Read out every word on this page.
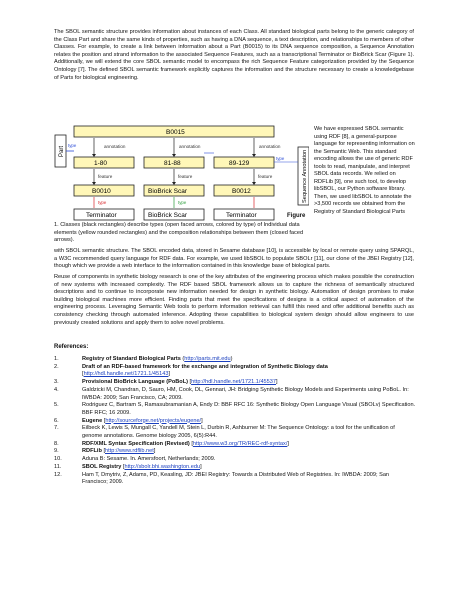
The SBOL semantic structure provides information about instances of each Class. All standard biological parts belong to the generic category of the Class Part and share the same kinds of properties, such as having a DNA sequence, a text description, and relationships to members of other Classes. For example, to create a link between information about a Part (B0015) to its DNA sequence composition, a Sequence Annotation relates the position and strand information to the associated Sequence Features, such as a transcriptional Terminator or BioBrick Scar (Figure 1). Additionally, we will extend the core SBOL semantic model to encompass the rich Sequence Feature categorization provided by the Sequence Ontology [7]. The defined SBOL semantic framework explicitly captures the information and the structure necessary to create a knowledgebase of Parts for biological engineering.

Part	Sequence Annotation
B0015
annotation	annotation	annotation
1-80	81-88	89-129
type
type
feature	feature	feature
B0010	BioBrick Scar	B0012
type	type
Terminator	BioBrick Scar	Terminator	Figure

1. Classes (black rectangles) describe types (open faced arrows, colored by type) of Individual data elements (yellow rounded rectangles) and the composition relationships between them (closed faced arrows).

We have expressed SBOL semantic using RDF [8], a general-purpose language for representing information on the Semantic Web. This standard encoding allows the use of generic RDF tools to read, manipulate, and interpret SBOL data records. We relied on RDFLib [9], one such tool, to develop libSBOL, our Python software library. Then, we used libSBOL to annotate the >3,500 records we obtained from the Registry of Standard Biological Parts

with SBOL semantic structure. The SBOL encoded data, stored in Sesame database [10], is accessible by local or remote query using SPARQL, a W3C recommended query language for RDF data. For example, we used libSBOL to populate SBOLr [11], our clone of the JBEI Registry [12], though which we provide a web interface to the information contained in this knowledge base of biological parts.

Reuse of components in synthetic biology research is one of the key attributes of the engineering process which makes possible the construction of new systems with increased complexity. The RDF based SBOL framework allows us to capture the richness of semantically structured descriptions and to continue to incorporate new information needed for design in synthetic biology. Automation of design promises to make building biological machines more efficient. Finding parts that meet the specifications of designs is a critical aspect of automation of the engineering process. Leveraging Semantic Web tools to perform information retrieval can fulfill this need and offer additional benefits such as consistency checking through automated inference. Adopting these capabilities to biological system design should allow engineers to use previously created solutions and apply them to solve novel problems.

References:
1.	Registry of Standard Biological Parts (http://parts.mit.edu)
2.	Draft of an RDF-based framework for the exchange and integration of Synthetic Biology data [http://hdl.handle.net/1721.1/45143]
3.	Provisional BioBrick Language (PoBoL) [http://hdl.handle.net/1721.1/45537]
4.	Galdzicki M, Chandran, D, Sauro, HM, Cook, DL, Gennari, JH: Bridging Synthetic Biology Models and Experiments using PoBoL. In: IWBDA: 2009; San Francisco, CA; 2009.
5.	Rodriguez C, Bartram S, Ramasubramanian A, Endy D: BBF RFC 16: Synthetic Biology Open Language Visual (SBOLv) Specification. BBF RFC; 16 2009.
6.	Eugene [http://sourceforge.net/projects/eugene/]
7.	Eilbeck K, Lewis S, Mungall C, Yandell M, Stein L, Durbin R, Ashburner M: The Sequence Ontology: a tool for the unification of genome annotations. Genome biology 2005, 6(5):R44.
8.	RDF/XML Syntax Specification (Revised) [http://www.w3.org/TR/REC-rdf-syntax/]
9.	RDFLib [http://www.rdflib.net]
10.	Aduna B: Sesame. In. Amersfoort, Netherlands; 2009.
11.	SBOL Registry [http://sbolr.bhi.washington.edu]
12.	Ham T, Dmytriv, Z, Adams, PD, Keasling, JD: JBEI Registry: Towards a Distributed Web of Registries. In: IWBDA: 2009; San Francisco; 2009.
